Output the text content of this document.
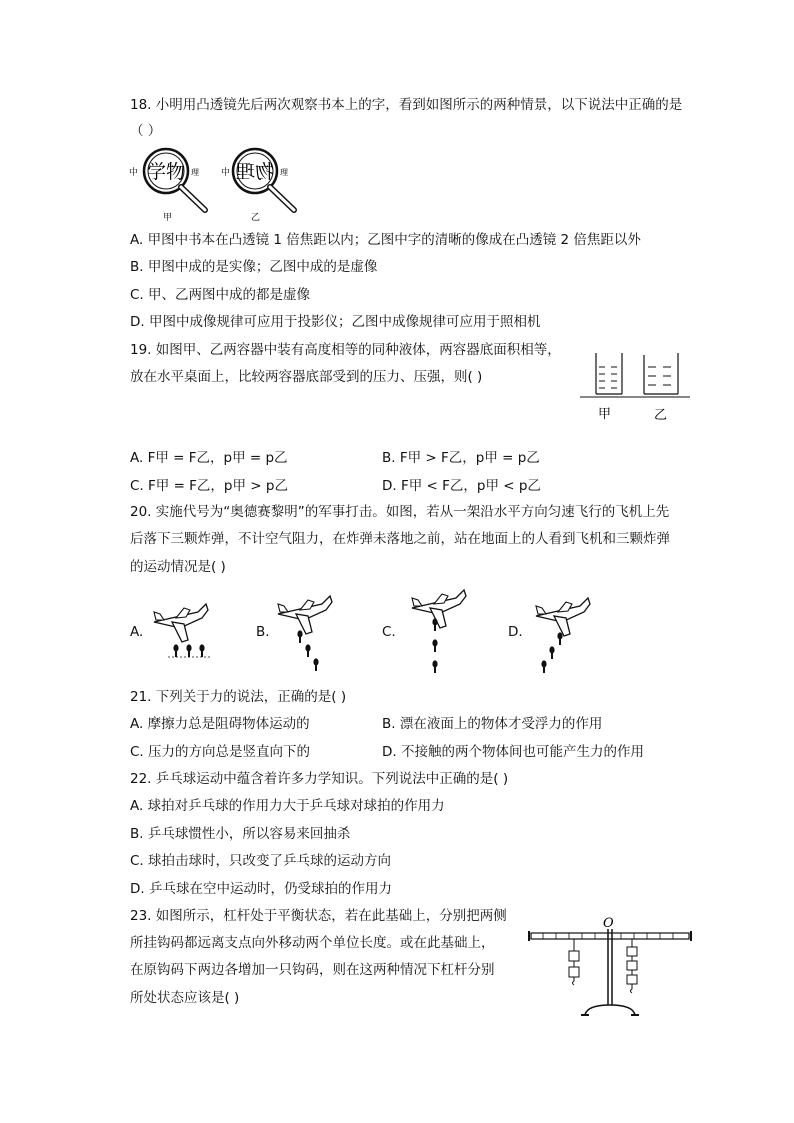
18. 小明用凸透镜先后两次观察书本上的字，看到如图所示的两种情景，以下说法中正确的是
（ ）
中 学物 理
甲
中 物理 理
乙
A. 甲图中书本在凸透镜 1 倍焦距以内；乙图中字的清晰的像成在凸透镜 2 倍焦距以外
B. 甲图中成的是实像；乙图中成的是虚像
C. 甲、乙两图中成的都是虚像
D. 甲图中成像规律可应用于投影仪；乙图中成像规律可应用于照相机
19. 如图甲、乙两容器中装有高度相等的同种液体，两容器底面积相等，
放在水平桌面上，比较两容器底部受到的压力、压强，则( )
甲	乙
A. F甲 = F乙，p甲 = p乙	B. F甲 > F乙，p甲 = p乙
C. F甲 = F乙，p甲 > p乙	D. F甲 < F乙，p甲 < p乙
20. 实施代号为“奥德赛黎明”的军事打击。如图，若从一架沿水平方向匀速飞行的飞机上先
后落下三颗炸弹，不计空气阻力，在炸弹未落地之前，站在地面上的人看到飞机和三颗炸弹
的运动情况是( )
A.	B.	C.	D.
21. 下列关于力的说法，正确的是( )
A. 摩擦力总是阻碍物体运动的	B. 漂在液面上的物体才受浮力的作用
C. 压力的方向总是竖直向下的	D. 不接触的两个物体间也可能产生力的作用
22. 乒乓球运动中蕴含着许多力学知识。下列说法中正确的是( )
A. 球拍对乒乓球的作用力大于乒乓球对球拍的作用力
B. 乒乓球惯性小，所以容易来回抽杀
C. 球拍击球时，只改变了乒乓球的运动方向
D. 乒乓球在空中运动时，仍受球拍的作用力
23. 如图所示，杠杆处于平衡状态，若在此基础上，分别把两侧
所挂钩码都远离支点向外移动两个单位长度。或在此基础上，
在原钩码下两边各增加一只钩码，则在这两种情况下杠杆分别
所处状态应该是( )
O
